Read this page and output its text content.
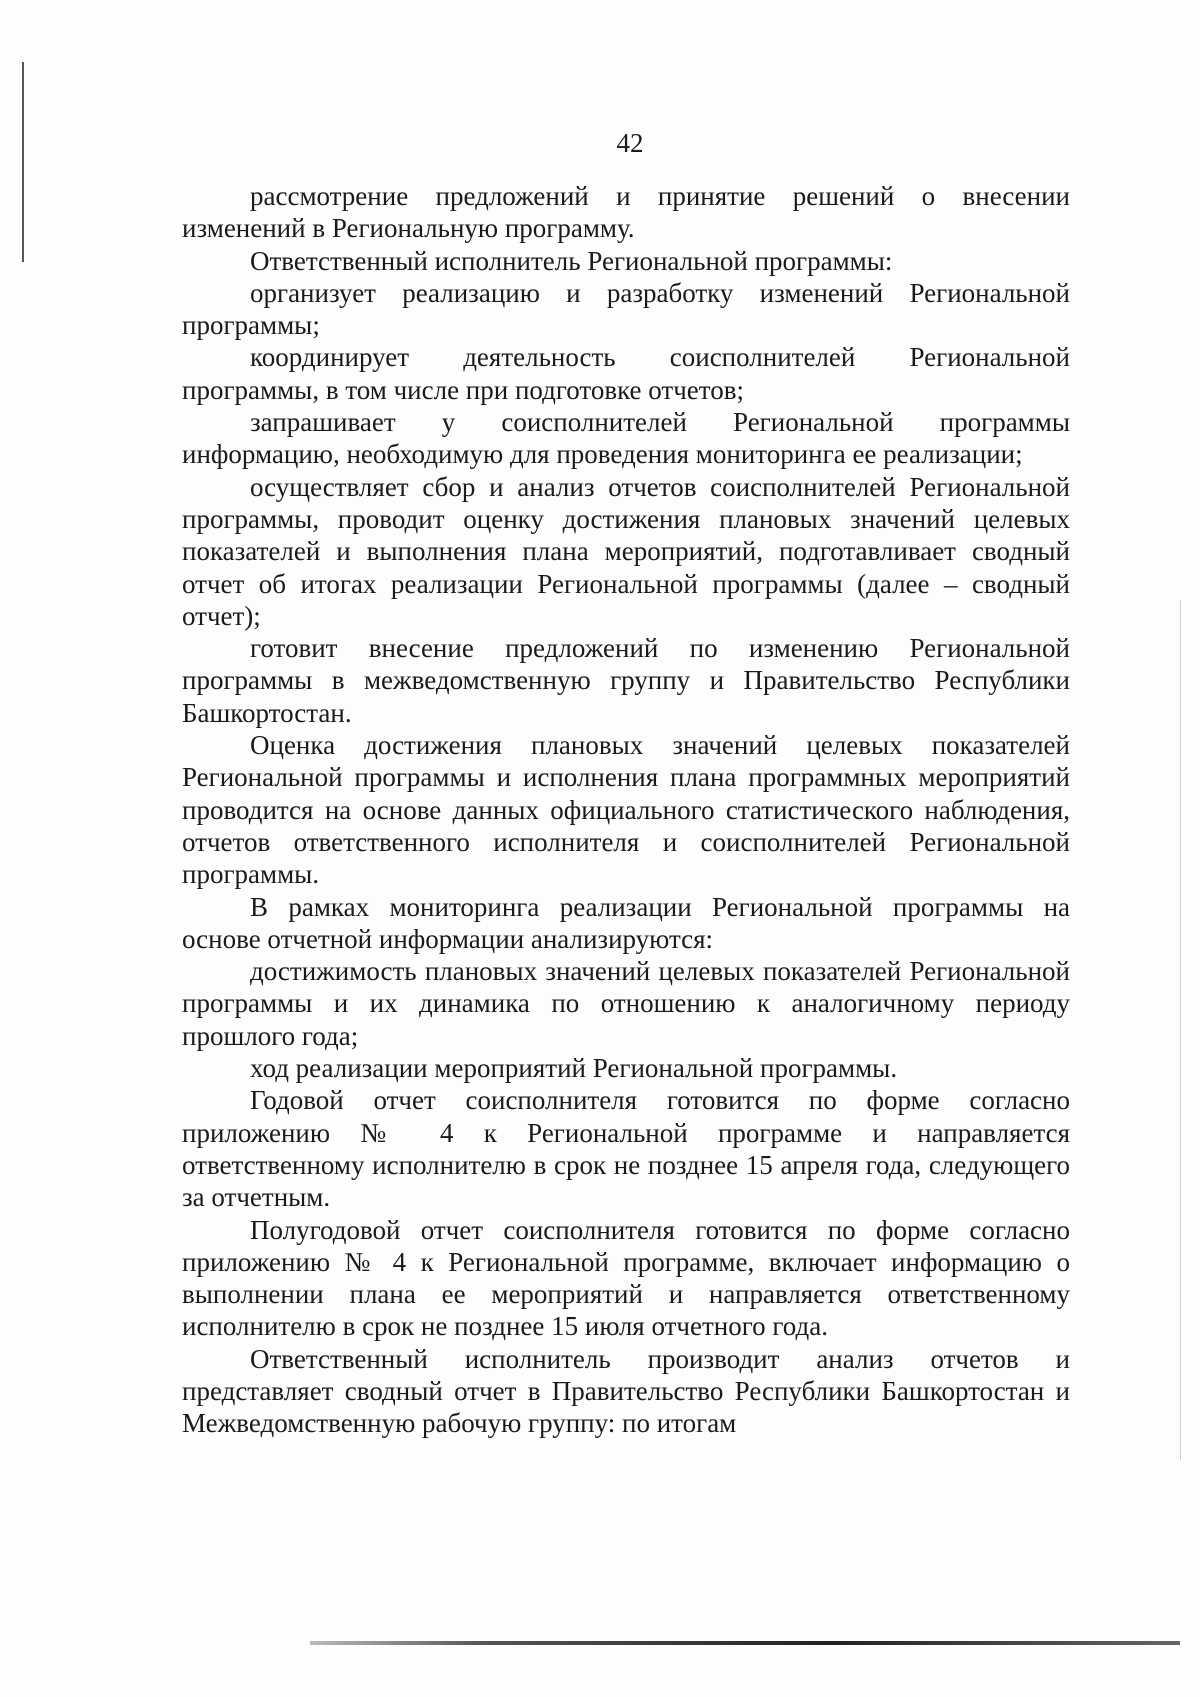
42

рассмотрение предложений и принятие решений о внесении изменений в Региональную программу.

Ответственный исполнитель Региональной программы:

организует реализацию и разработку изменений Региональной программы;

координирует деятельность соисполнителей Региональной программы, в том числе при подготовке отчетов;

запрашивает у соисполнителей Региональной программы информацию, необходимую для проведения мониторинга ее реализации;

осуществляет сбор и анализ отчетов соисполнителей Региональной программы, проводит оценку достижения плановых значений целевых показателей и выполнения плана мероприятий, подготавливает сводный отчет об итогах реализации Региональной программы (далее – сводный отчет);

готовит внесение предложений по изменению Региональной программы в межведомственную группу и Правительство Республики Башкортостан.

Оценка достижения плановых значений целевых показателей Региональной программы и исполнения плана программных мероприятий проводится на основе данных официального статистического наблюдения, отчетов ответственного исполнителя и соисполнителей Региональной программы.

В рамках мониторинга реализации Региональной программы на основе отчетной информации анализируются:

достижимость плановых значений целевых показателей Региональной программы и их динамика по отношению к аналогичному периоду прошлого года;

ход реализации мероприятий Региональной программы.

Годовой отчет соисполнителя готовится по форме согласно приложению № 4 к Региональной программе и направляется ответственному исполнителю в срок не позднее 15 апреля года, следующего за отчетным.

Полугодовой отчет соисполнителя готовится по форме согласно приложению № 4 к Региональной программе, включает информацию о выполнении плана ее мероприятий и направляется ответственному исполнителю в срок не позднее 15 июля отчетного года.

Ответственный исполнитель производит анализ отчетов и представляет сводный отчет в Правительство Республики Башкортостан и Межведомственную рабочую группу: по итогам
